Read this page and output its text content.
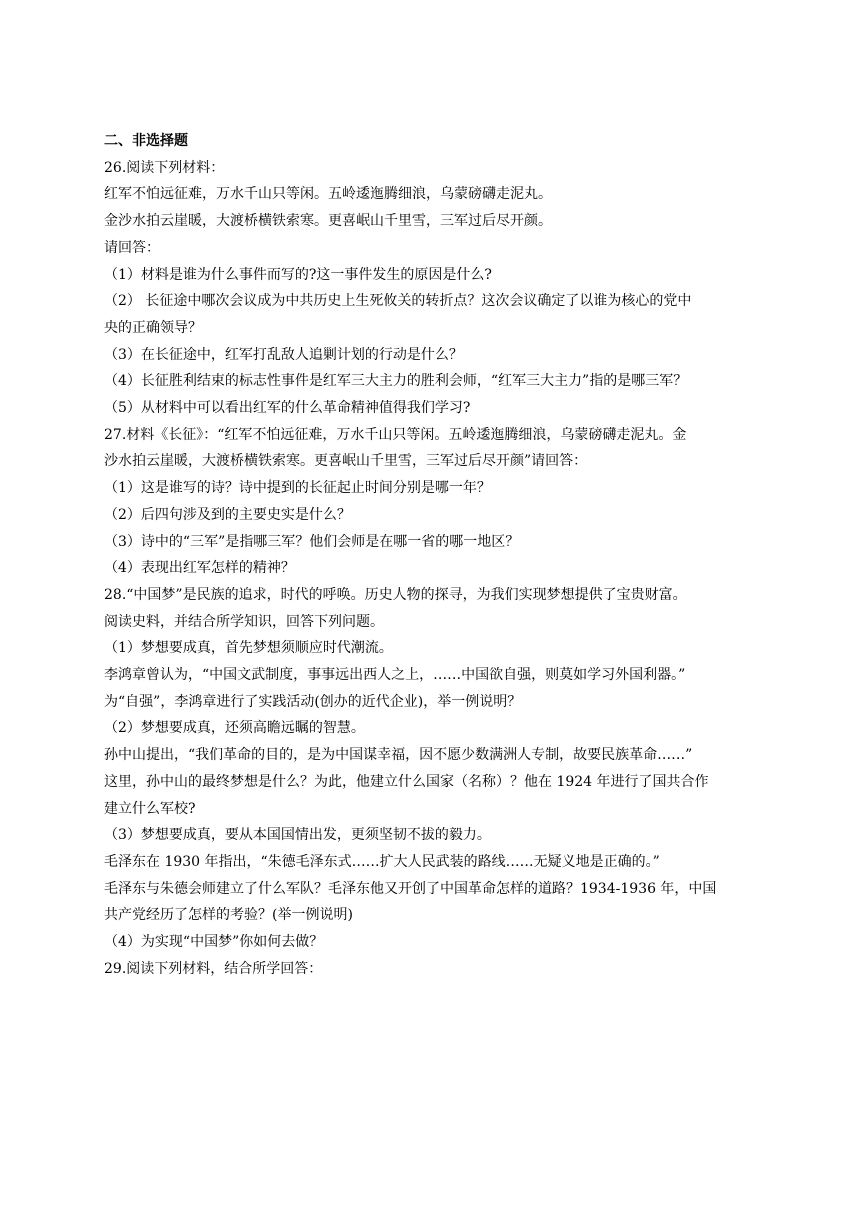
二、非选择题
26.阅读下列材料：
红军不怕远征难，万水千山只等闲。五岭逶迤腾细浪，乌蒙磅礴走泥丸。
金沙水拍云崖暖，大渡桥横铁索寒。更喜岷山千里雪，三军过后尽开颜。
请回答：
（1）材料是谁为什么事件而写的?这一事件发生的原因是什么?
（2） 长征途中哪次会议成为中共历史上生死攸关的转折点？这次会议确定了以谁为核心的党中
央的正确领导？
（3）在长征途中，红军打乱敌人追剿计划的行动是什么？
（4）长征胜利结束的标志性事件是红军三大主力的胜利会师，“红军三大主力”指的是哪三军？
（5）从材料中可以看出红军的什么革命精神值得我们学习?
27.材料《长征》：“红军不怕远征难，万水千山只等闲。五岭逶迤腾细浪，乌蒙磅礴走泥丸。金
沙水拍云崖暖，大渡桥横铁索寒。更喜岷山千里雪，三军过后尽开颜”请回答：
（1）这是谁写的诗？诗中提到的长征起止时间分别是哪一年？
（2）后四句涉及到的主要史实是什么？
（3）诗中的“三军”是指哪三军？他们会师是在哪一省的哪一地区？
（4）表现出红军怎样的精神？
28.“中国梦”是民族的追求，时代的呼唤。历史人物的探寻，为我们实现梦想提供了宝贵财富。
阅读史料，并结合所学知识，回答下列问题。
（1）梦想要成真，首先梦想须顺应时代潮流。
李鸿章曾认为，“中国文武制度，事事远出西人之上，……中国欲自强，则莫如学习外国利器。”
为“自强”，李鸿章进行了实践活动(创办的近代企业)，举一例说明？
（2）梦想要成真，还须高瞻远瞩的智慧。
孙中山提出，“我们革命的目的，是为中国谋幸福，因不愿少数满洲人专制，故要民族革命……”
这里，孙中山的最终梦想是什么？为此，他建立什么国家（名称）？他在 1924 年进行了国共合作
建立什么军校?
（3）梦想要成真，要从本国国情出发，更须坚韧不拔的毅力。
毛泽东在 1930 年指出，“朱德毛泽东式……扩大人民武装的路线……无疑义地是正确的。”
毛泽东与朱德会师建立了什么军队？毛泽东他又开创了中国革命怎样的道路？1934-1936 年，中国
共产党经历了怎样的考验？(举一例说明)
（4）为实现“中国梦”你如何去做？
29.阅读下列材料，结合所学回答：
